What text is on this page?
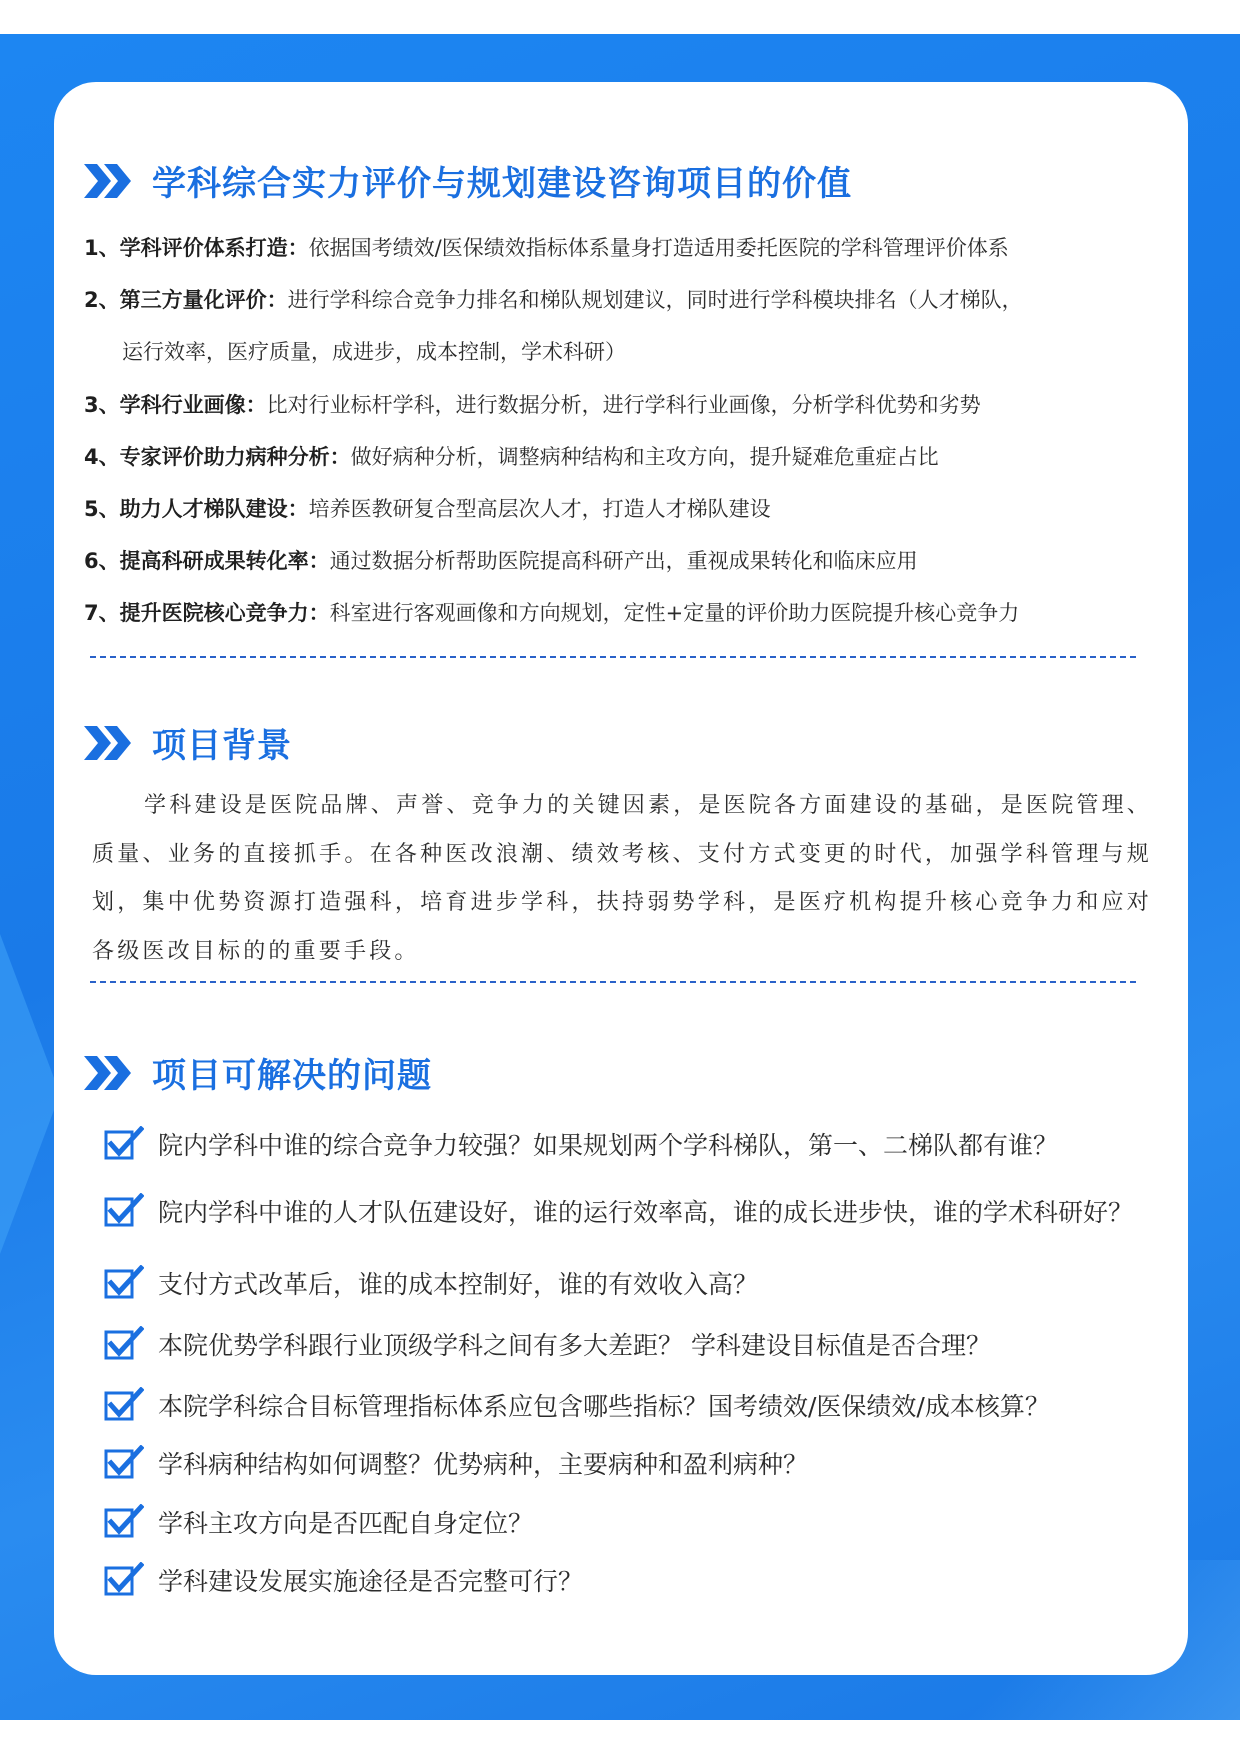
学科综合实力评价与规划建设咨询项目的价值
1、学科评价体系打造：依据国考绩效/医保绩效指标体系量身打造适用委托医院的学科管理评价体系
2、第三方量化评价：进行学科综合竞争力排名和梯队规划建议，同时进行学科模块排名（人才梯队，
运行效率，医疗质量，成进步，成本控制，学术科研）
3、学科行业画像：比对行业标杆学科，进行数据分析，进行学科行业画像，分析学科优势和劣势
4、专家评价助力病种分析：做好病种分析，调整病种结构和主攻方向，提升疑难危重症占比
5、助力人才梯队建设：培养医教研复合型高层次人才，打造人才梯队建设
6、提高科研成果转化率：通过数据分析帮助医院提高科研产出，重视成果转化和临床应用
7、提升医院核心竞争力：科室进行客观画像和方向规划，定性+定量的评价助力医院提升核心竞争力
项目背景
学科建设是医院品牌、声誉、竞争力的关键因素，是医院各方面建设的基础，是医院管理、质量、业务的直接抓手。在各种医改浪潮、绩效考核、支付方式变更的时代，加强学科管理与规划，集中优势资源打造强科，培育进步学科，扶持弱势学科，是医疗机构提升核心竞争力和应对各级医改目标的的重要手段。
项目可解决的问题
院内学科中谁的综合竞争力较强？如果规划两个学科梯队，第一、二梯队都有谁？
院内学科中谁的人才队伍建设好，谁的运行效率高，谁的成长进步快，谁的学术科研好？
支付方式改革后，谁的成本控制好，谁的有效收入高？
本院优势学科跟行业顶级学科之间有多大差距？ 学科建设目标值是否合理？
本院学科综合目标管理指标体系应包含哪些指标？国考绩效/医保绩效/成本核算？
学科病种结构如何调整？优势病种，主要病种和盈利病种？
学科主攻方向是否匹配自身定位？
学科建设发展实施途径是否完整可行？
